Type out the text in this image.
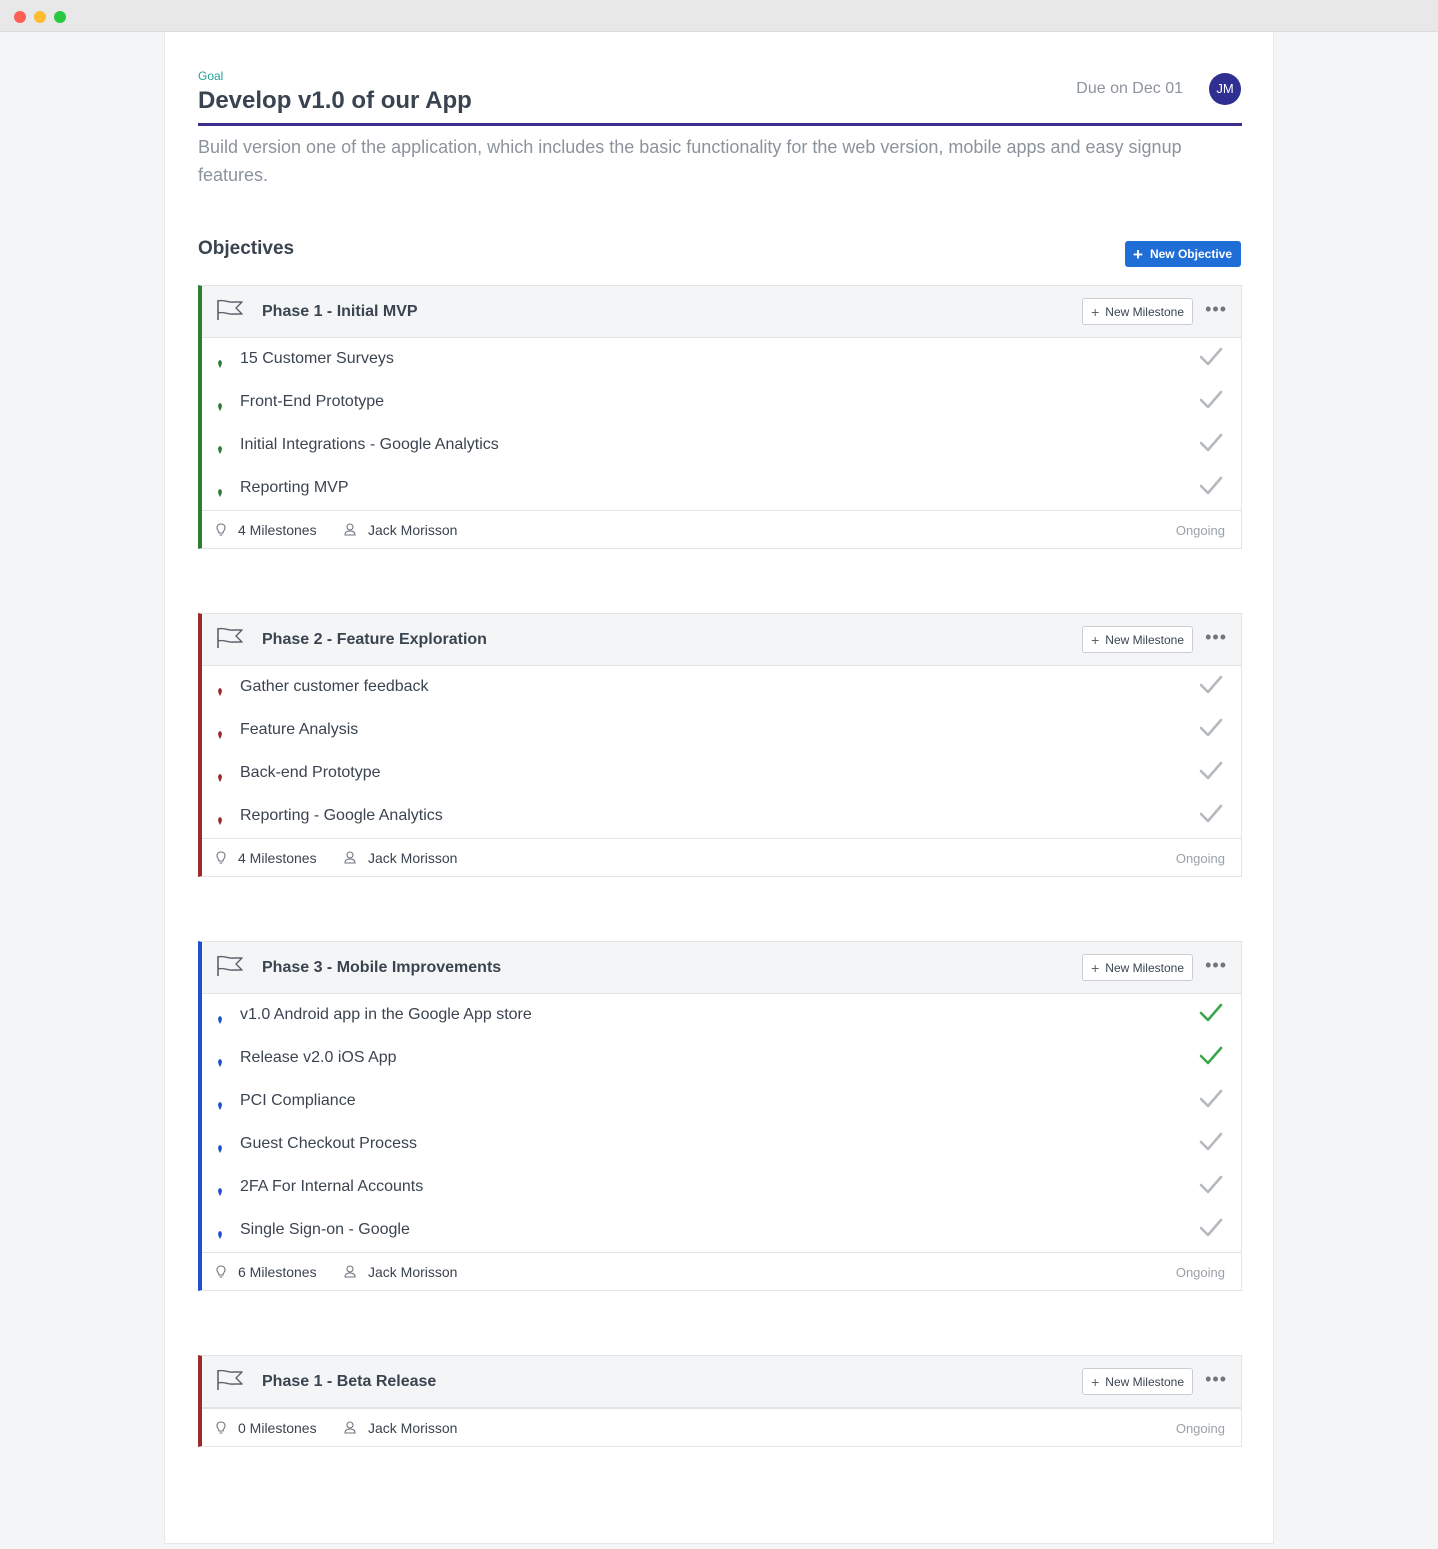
Goal
Develop v1.0 of our App	Due on Dec 01	JM
Build version one of the application, which includes the basic functionality for the web version, mobile apps and easy signup features.
Objectives	+ New Objective
Phase 1 - Initial MVP	+ New Milestone •••
15 Customer Surveys
Front-End Prototype
Initial Integrations - Google Analytics
Reporting MVP
4 Milestones	Jack Morisson	Ongoing
Phase 2 - Feature Exploration	+ New Milestone •••
Gather customer feedback
Feature Analysis
Back-end Prototype
Reporting - Google Analytics
4 Milestones	Jack Morisson	Ongoing
Phase 3 - Mobile Improvements	+ New Milestone •••
v1.0 Android app in the Google App store
Release v2.0 iOS App
PCI Compliance
Guest Checkout Process
2FA For Internal Accounts
Single Sign-on - Google
6 Milestones	Jack Morisson	Ongoing
Phase 1 - Beta Release	+ New Milestone •••
0 Milestones	Jack Morisson	Ongoing
